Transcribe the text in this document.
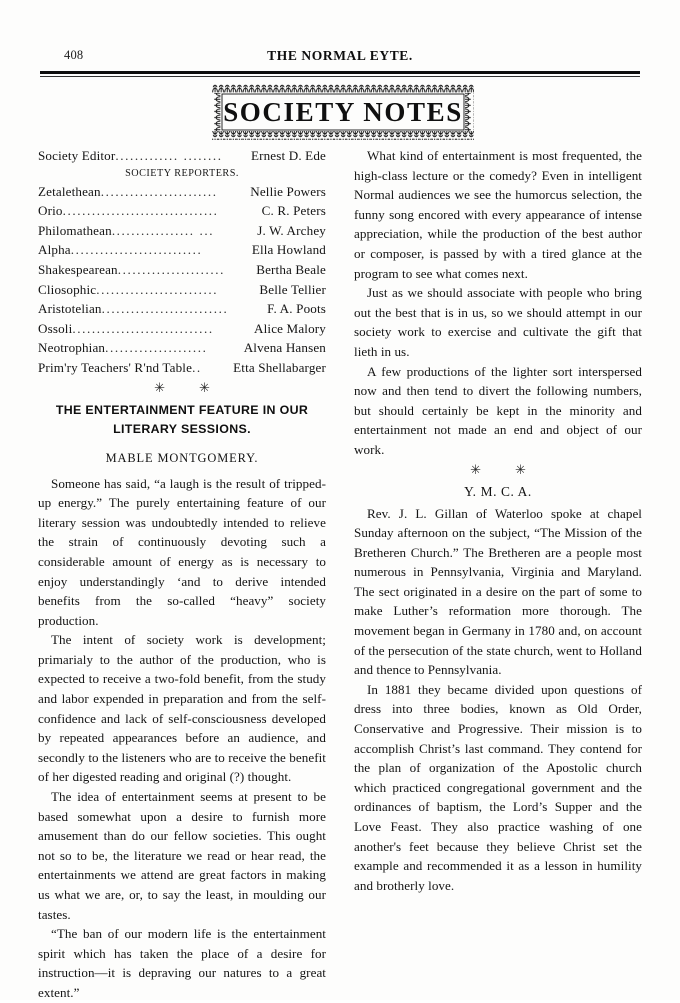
408	THE NORMAL EYTE.
SOCIETY NOTES
Ernest D. Ede
Society Editor............. ........
SOCIETY REPORTERS.
Nellie Powers
Zetalethean........................
C. R. Peters
Orio................................
J. W. Archey
Philomathean................. ...
Ella Howland
Alpha...........................
Bertha Beale
Shakespearean......................
Belle Tellier
Cliosophic.........................
F. A. Poots
Aristotelian..........................
Alice Malory
Ossoli.............................
Alvena Hansen
Neotrophian.....................
Etta Shellabarger
Prim'ry Teachers' R'nd Table..
✳✳
THE ENTERTAINMENT FEATURE IN OUR
LITERARY SESSIONS.
MABLE MONTGOMERY.

Someone has said, “a laugh is the result of tripped-up energy.” The purely entertaining feature of our literary session was undoubtedly intended to relieve the strain of continuously devoting such a considerable amount of energy as is necessary to enjoy understandingly ‘and to derive intended benefits from the so-called “heavy” society production.

The intent of society work is development; primarialy to the author of the production, who is expected to receive a two-fold benefit, from the study and labor expended in preparation and from the self-confidence and lack of self-consciousness developed by repeated appearances before an audience, and secondly to the listeners who are to receive the benefit of her digested reading and original (?) thought.

The idea of entertainment seems at present to be based somewhat upon a desire to furnish more amusement than do our fellow societies. This ought not so to be, the literature we read or hear read, the entertainments we attend are great factors in making us what we are, or, to say the least, in moulding our tastes.

“The ban of our modern life is the entertainment spirit which has taken the place of a desire for instruction—it is depraving our natures to a great extent.”

What kind of entertainment is most frequented, the high-class lecture or the comedy? Even in intelligent Normal audiences we see the humorcus selection, the funny song encored with every appearance of intense appreciation, while the production of the best author or composer, is passed by with a tired glance at the program to see what comes next.

Just as we should associate with people who bring out the best that is in us, so we should attempt in our society work to exercise and cultivate the gift that lieth in us.

A few productions of the lighter sort interspersed now and then tend to divert the following numbers, but should certainly be kept in the minority and entertainment not made an end and object of our work.

✳✳
Y. M. C. A.

Rev. J. L. Gillan of Waterloo spoke at chapel Sunday afternoon on the subject, “The Mission of the Bretheren Church.” The Bretheren are a people most numerous in Pennsylvania, Virginia and Maryland. The sect originated in a desire on the part of some to make Luther’s reformation more thorough. The movement began in Germany in 1780 and, on account of the persecution of the state church, went to Holland and thence to Pennsylvania.

In 1881 they became divided upon questions of dress into three bodies, known as Old Order, Conservative and Progressive. Their mission is to accomplish Christ’s last command. They contend for the plan of organization of the Apostolic church which practiced congregational government and the ordinances of baptism, the Lord’s Supper and the Love Feast. They also practice washing of one another's feet because they believe Christ set the example and recommended it as a lesson in humility and brotherly love.
